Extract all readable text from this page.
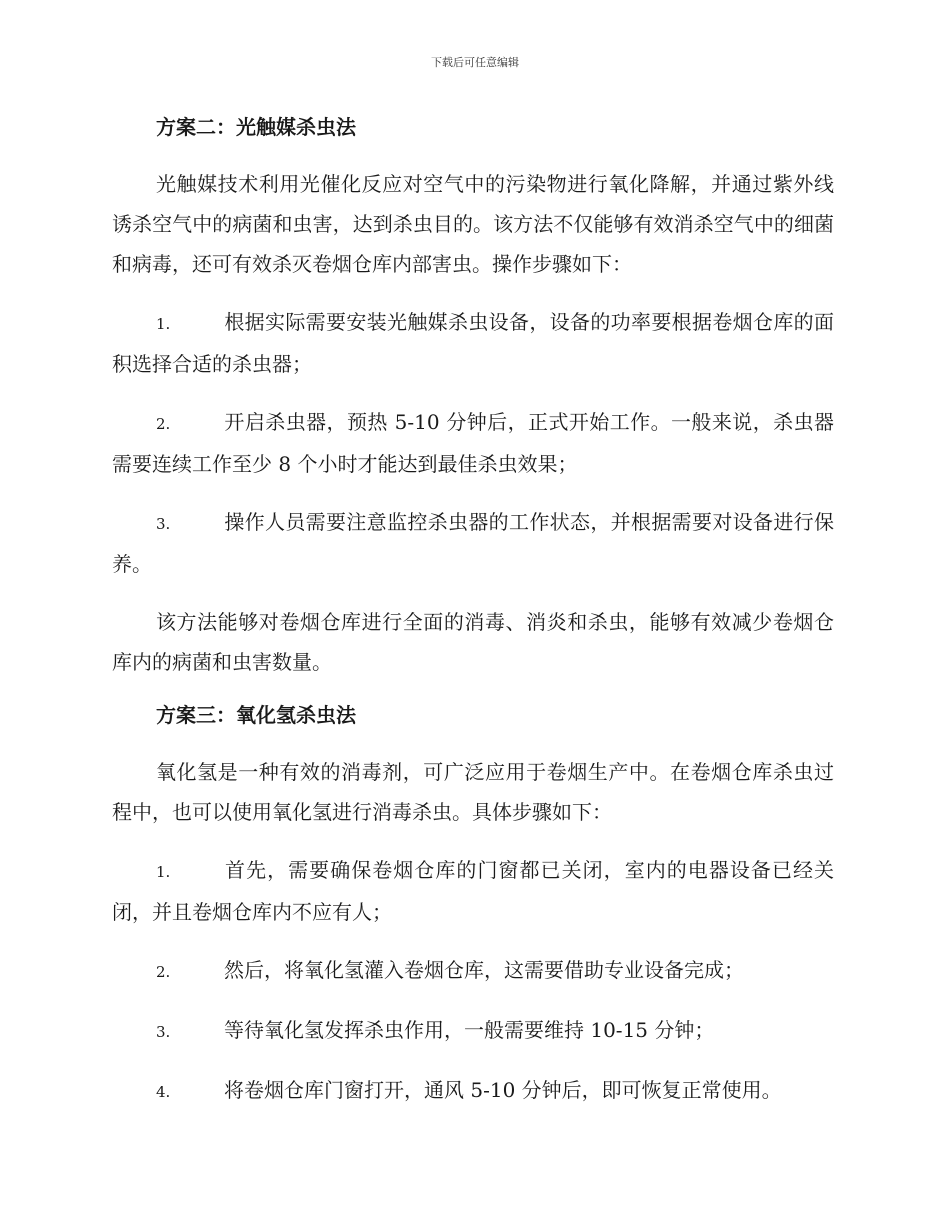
下载后可任意编辑
方案二：光触媒杀虫法

光触媒技术利用光催化反应对空气中的污染物进行氧化降解，并通过紫外线诱杀空气中的病菌和虫害，达到杀虫目的。该方法不仅能够有效消杀空气中的细菌和病毒，还可有效杀灭卷烟仓库内部害虫。操作步骤如下：

1.	根据实际需要安装光触媒杀虫设备，设备的功率要根据卷烟仓库的面积选择合适的杀虫器；
2.	开启杀虫器，预热 5-10 分钟后，正式开始工作。一般来说，杀虫器需要连续工作至少 8 个小时才能达到最佳杀虫效果；
3.	操作人员需要注意监控杀虫器的工作状态，并根据需要对设备进行保养。

该方法能够对卷烟仓库进行全面的消毒、消炎和杀虫，能够有效减少卷烟仓库内的病菌和虫害数量。

方案三：氧化氢杀虫法

氧化氢是一种有效的消毒剂，可广泛应用于卷烟生产中。在卷烟仓库杀虫过程中，也可以使用氧化氢进行消毒杀虫。具体步骤如下：

1.	首先，需要确保卷烟仓库的门窗都已关闭，室内的电器设备已经关闭，并且卷烟仓库内不应有人；
2.	然后，将氧化氢灌入卷烟仓库，这需要借助专业设备完成；
3.	等待氧化氢发挥杀虫作用，一般需要维持 10-15 分钟；
4.	将卷烟仓库门窗打开，通风 5-10 分钟后，即可恢复正常使用。
